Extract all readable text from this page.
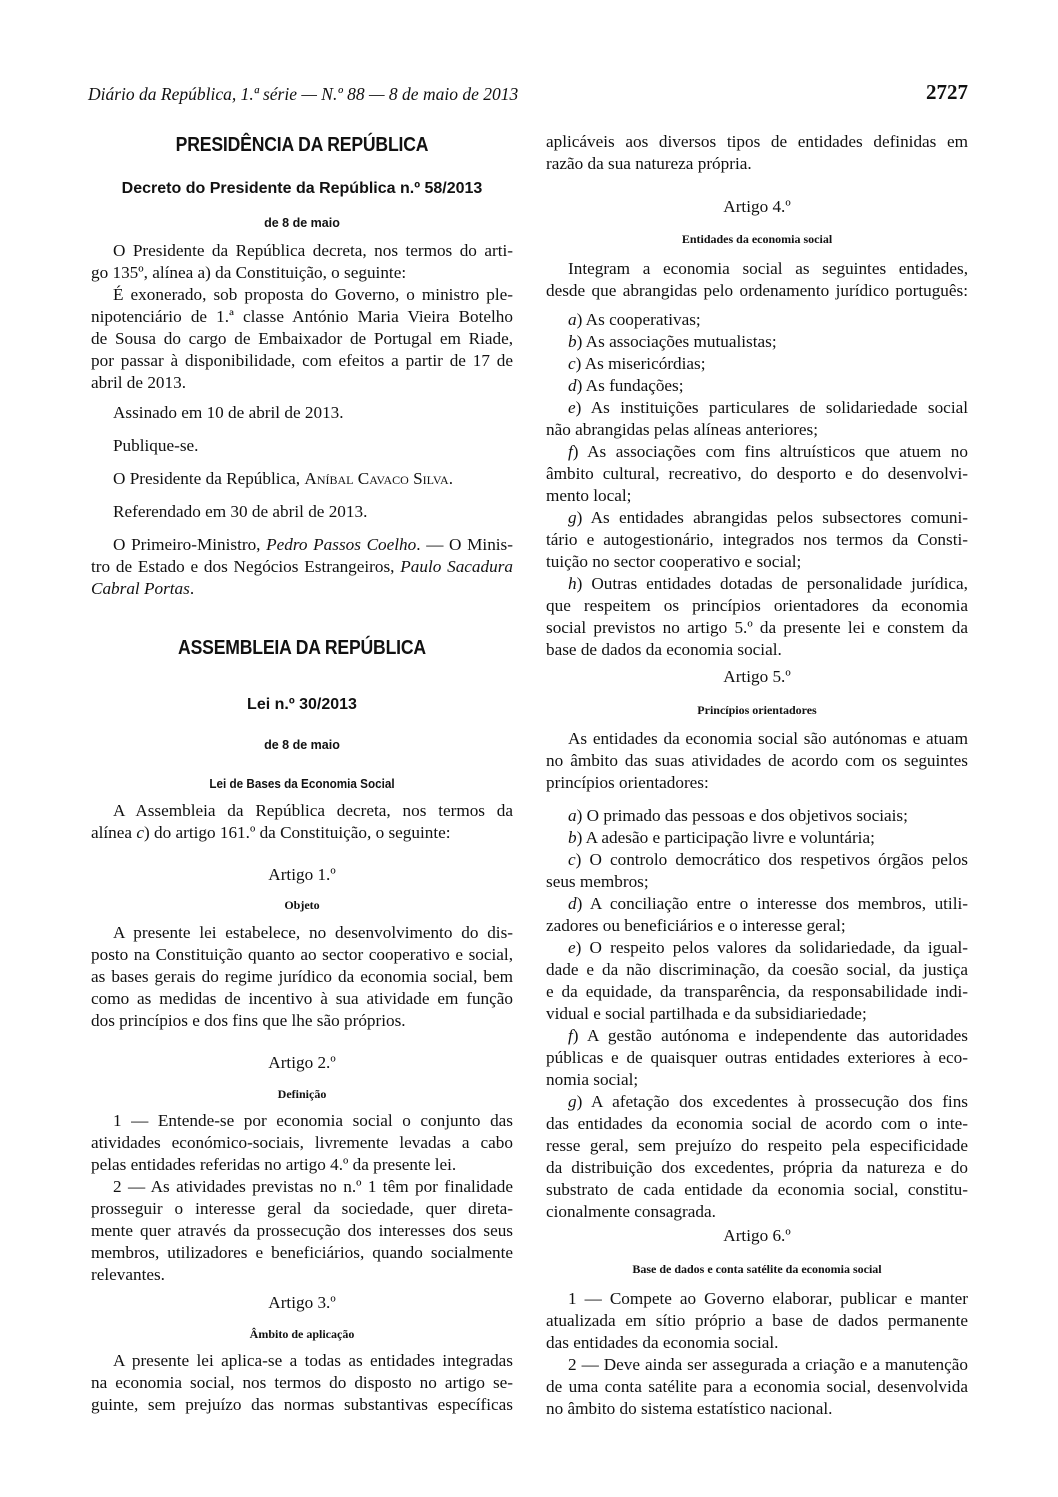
Diário da República, 1.ª série — N.º 88 — 8 de maio de 2013	2727
PRESIDÊNCIA DA REPÚBLICA
Decreto do Presidente da República n.º 58/2013
de 8 de maio
O Presidente da República decreta, nos termos do arti-
go 135º, alínea a) da Constituição, o seguinte:
É exonerado, sob proposta do Governo, o ministro ple-
nipotenciário de 1.ª classe António Maria Vieira Botelho
de Sousa do cargo de Embaixador de Portugal em Riade,
por passar à disponibilidade, com efeitos a partir de 17 de
abril de 2013.
Assinado em 10 de abril de 2013.
Publique-se.
O Presidente da República, Aníbal Cavaco Silva.
Referendado em 30 de abril de 2013.
O Primeiro-Ministro, Pedro Passos Coelho. — O Minis-
tro de Estado e dos Negócios Estrangeiros, Paulo Sacadura
Cabral Portas.
ASSEMBLEIA DA REPÚBLICA
Lei n.º 30/2013
de 8 de maio
Lei de Bases da Economia Social
A Assembleia da República decreta, nos termos da
alínea c) do artigo 161.º da Constituição, o seguinte:
Artigo 1.º
Objeto
A presente lei estabelece, no desenvolvimento do dis-
posto na Constituição quanto ao sector cooperativo e social,
as bases gerais do regime jurídico da economia social, bem
como as medidas de incentivo à sua atividade em função
dos princípios e dos fins que lhe são próprios.
Artigo 2.º
Definição
1 — Entende-se por economia social o conjunto das
atividades económico-sociais, livremente levadas a cabo
pelas entidades referidas no artigo 4.º da presente lei.
2 — As atividades previstas no n.º 1 têm por finalidade
prosseguir o interesse geral da sociedade, quer direta-
mente quer através da prossecução dos interesses dos seus
membros, utilizadores e beneficiários, quando socialmente
relevantes.
Artigo 3.º
Âmbito de aplicação
A presente lei aplica-se a todas as entidades integradas
na economia social, nos termos do disposto no artigo se-
guinte, sem prejuízo das normas substantivas específicas
aplicáveis aos diversos tipos de entidades definidas em
razão da sua natureza própria.
Artigo 4.º
Entidades da economia social
Integram a economia social as seguintes entidades,
desde que abrangidas pelo ordenamento jurídico português:
a) As cooperativas;
b) As associações mutualistas;
c) As misericórdias;
d) As fundações;
e) As instituições particulares de solidariedade social
não abrangidas pelas alíneas anteriores;
f) As associações com fins altruísticos que atuem no
âmbito cultural, recreativo, do desporto e do desenvolvi-
mento local;
g) As entidades abrangidas pelos subsectores comuni-
tário e autogestionário, integrados nos termos da Consti-
tuição no sector cooperativo e social;
h) Outras entidades dotadas de personalidade jurídica,
que respeitem os princípios orientadores da economia
social previstos no artigo 5.º da presente lei e constem da
base de dados da economia social.
Artigo 5.º
Princípios orientadores
As entidades da economia social são autónomas e atuam
no âmbito das suas atividades de acordo com os seguintes
princípios orientadores:
a) O primado das pessoas e dos objetivos sociais;
b) A adesão e participação livre e voluntária;
c) O controlo democrático dos respetivos órgãos pelos
seus membros;
d) A conciliação entre o interesse dos membros, utili-
zadores ou beneficiários e o interesse geral;
e) O respeito pelos valores da solidariedade, da igual-
dade e da não discriminação, da coesão social, da justiça
e da equidade, da transparência, da responsabilidade indi-
vidual e social partilhada e da subsidiariedade;
f) A gestão autónoma e independente das autoridades
públicas e de quaisquer outras entidades exteriores à eco-
nomia social;
g) A afetação dos excedentes à prossecução dos fins
das entidades da economia social de acordo com o inte-
resse geral, sem prejuízo do respeito pela especificidade
da distribuição dos excedentes, própria da natureza e do
substrato de cada entidade da economia social, constitu-
cionalmente consagrada.
Artigo 6.º
Base de dados e conta satélite da economia social
1 — Compete ao Governo elaborar, publicar e manter
atualizada em sítio próprio a base de dados permanente
das entidades da economia social.
2 — Deve ainda ser assegurada a criação e a manutenção
de uma conta satélite para a economia social, desenvolvida
no âmbito do sistema estatístico nacional.
